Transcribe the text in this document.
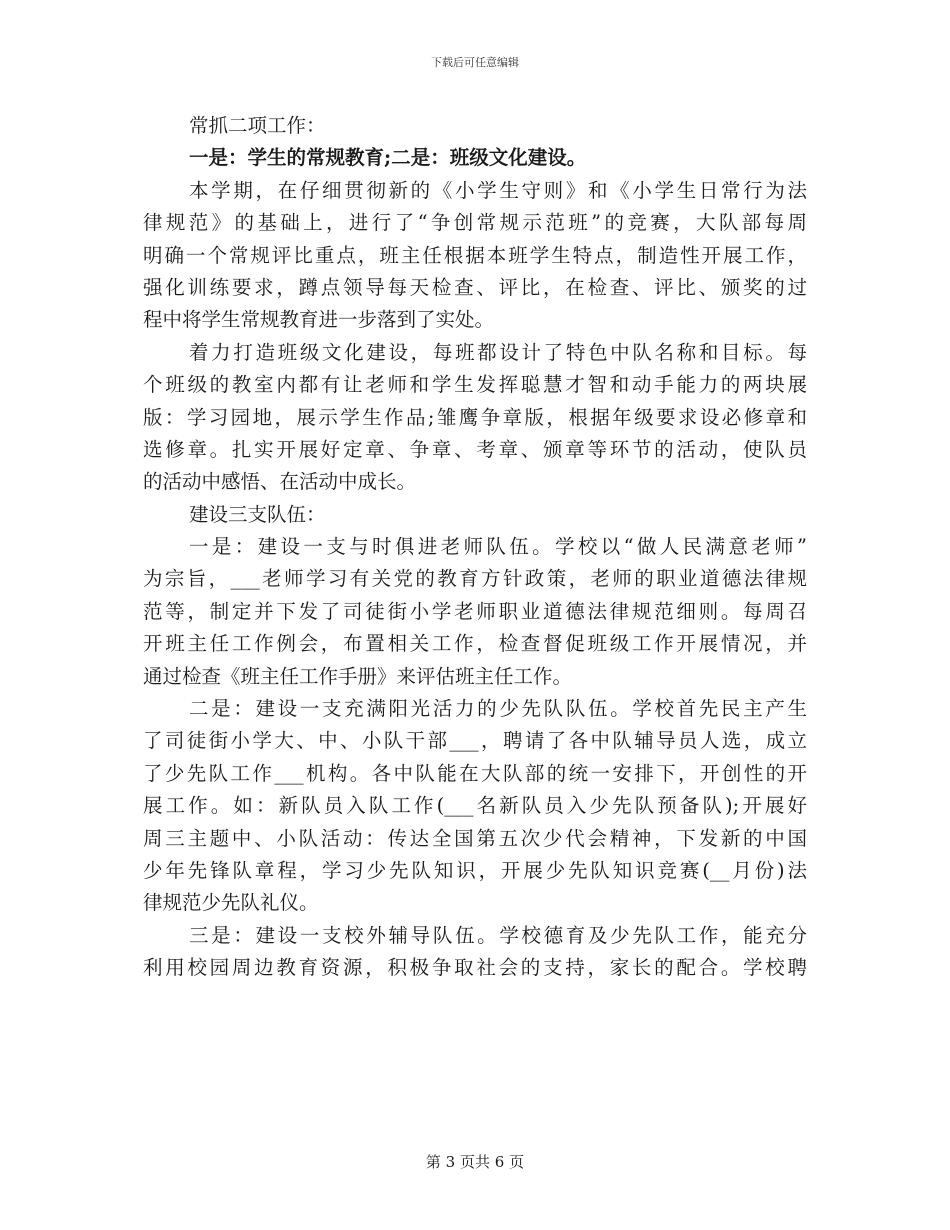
下载后可任意编辑
常抓二项工作：
一是：学生的常规教育;二是：班级文化建设。
本学期，在仔细贯彻新的《小学生守则》和《小学生日常行为法
律规范》的基础上，进行了“争创常规示范班”的竞赛，大队部每周
明确一个常规评比重点，班主任根据本班学生特点，制造性开展工作，
强化训练要求，蹲点领导每天检查、评比，在检查、评比、颁奖的过
程中将学生常规教育进一步落到了实处。
着力打造班级文化建设，每班都设计了特色中队名称和目标。每
个班级的教室内都有让老师和学生发挥聪慧才智和动手能力的两块展
版：学习园地，展示学生作品;雏鹰争章版，根据年级要求设必修章和
选修章。扎实开展好定章、争章、考章、颁章等环节的活动，使队员
的活动中感悟、在活动中成长。
建设三支队伍：
一是：建设一支与时俱进老师队伍。学校以“做人民满意老师”
为宗旨，___老师学习有关党的教育方针政策，老师的职业道德法律规
范等，制定并下发了司徒街小学老师职业道德法律规范细则。每周召
开班主任工作例会，布置相关工作，检查督促班级工作开展情况，并
通过检查《班主任工作手册》来评估班主任工作。
二是：建设一支充满阳光活力的少先队队伍。学校首先民主产生
了司徒街小学大、中、小队干部___，聘请了各中队辅导员人选，成立
了少先队工作___机构。各中队能在大队部的统一安排下，开创性的开
展工作。如：新队员入队工作(___名新队员入少先队预备队);开展好
周三主题中、小队活动：传达全国第五次少代会精神，下发新的中国
少年先锋队章程，学习少先队知识，开展少先队知识竞赛(__月份)法
律规范少先队礼仪。
三是：建设一支校外辅导队伍。学校德育及少先队工作，能充分
利用校园周边教育资源，积极争取社会的支持，家长的配合。学校聘
第 3 页共 6 页
